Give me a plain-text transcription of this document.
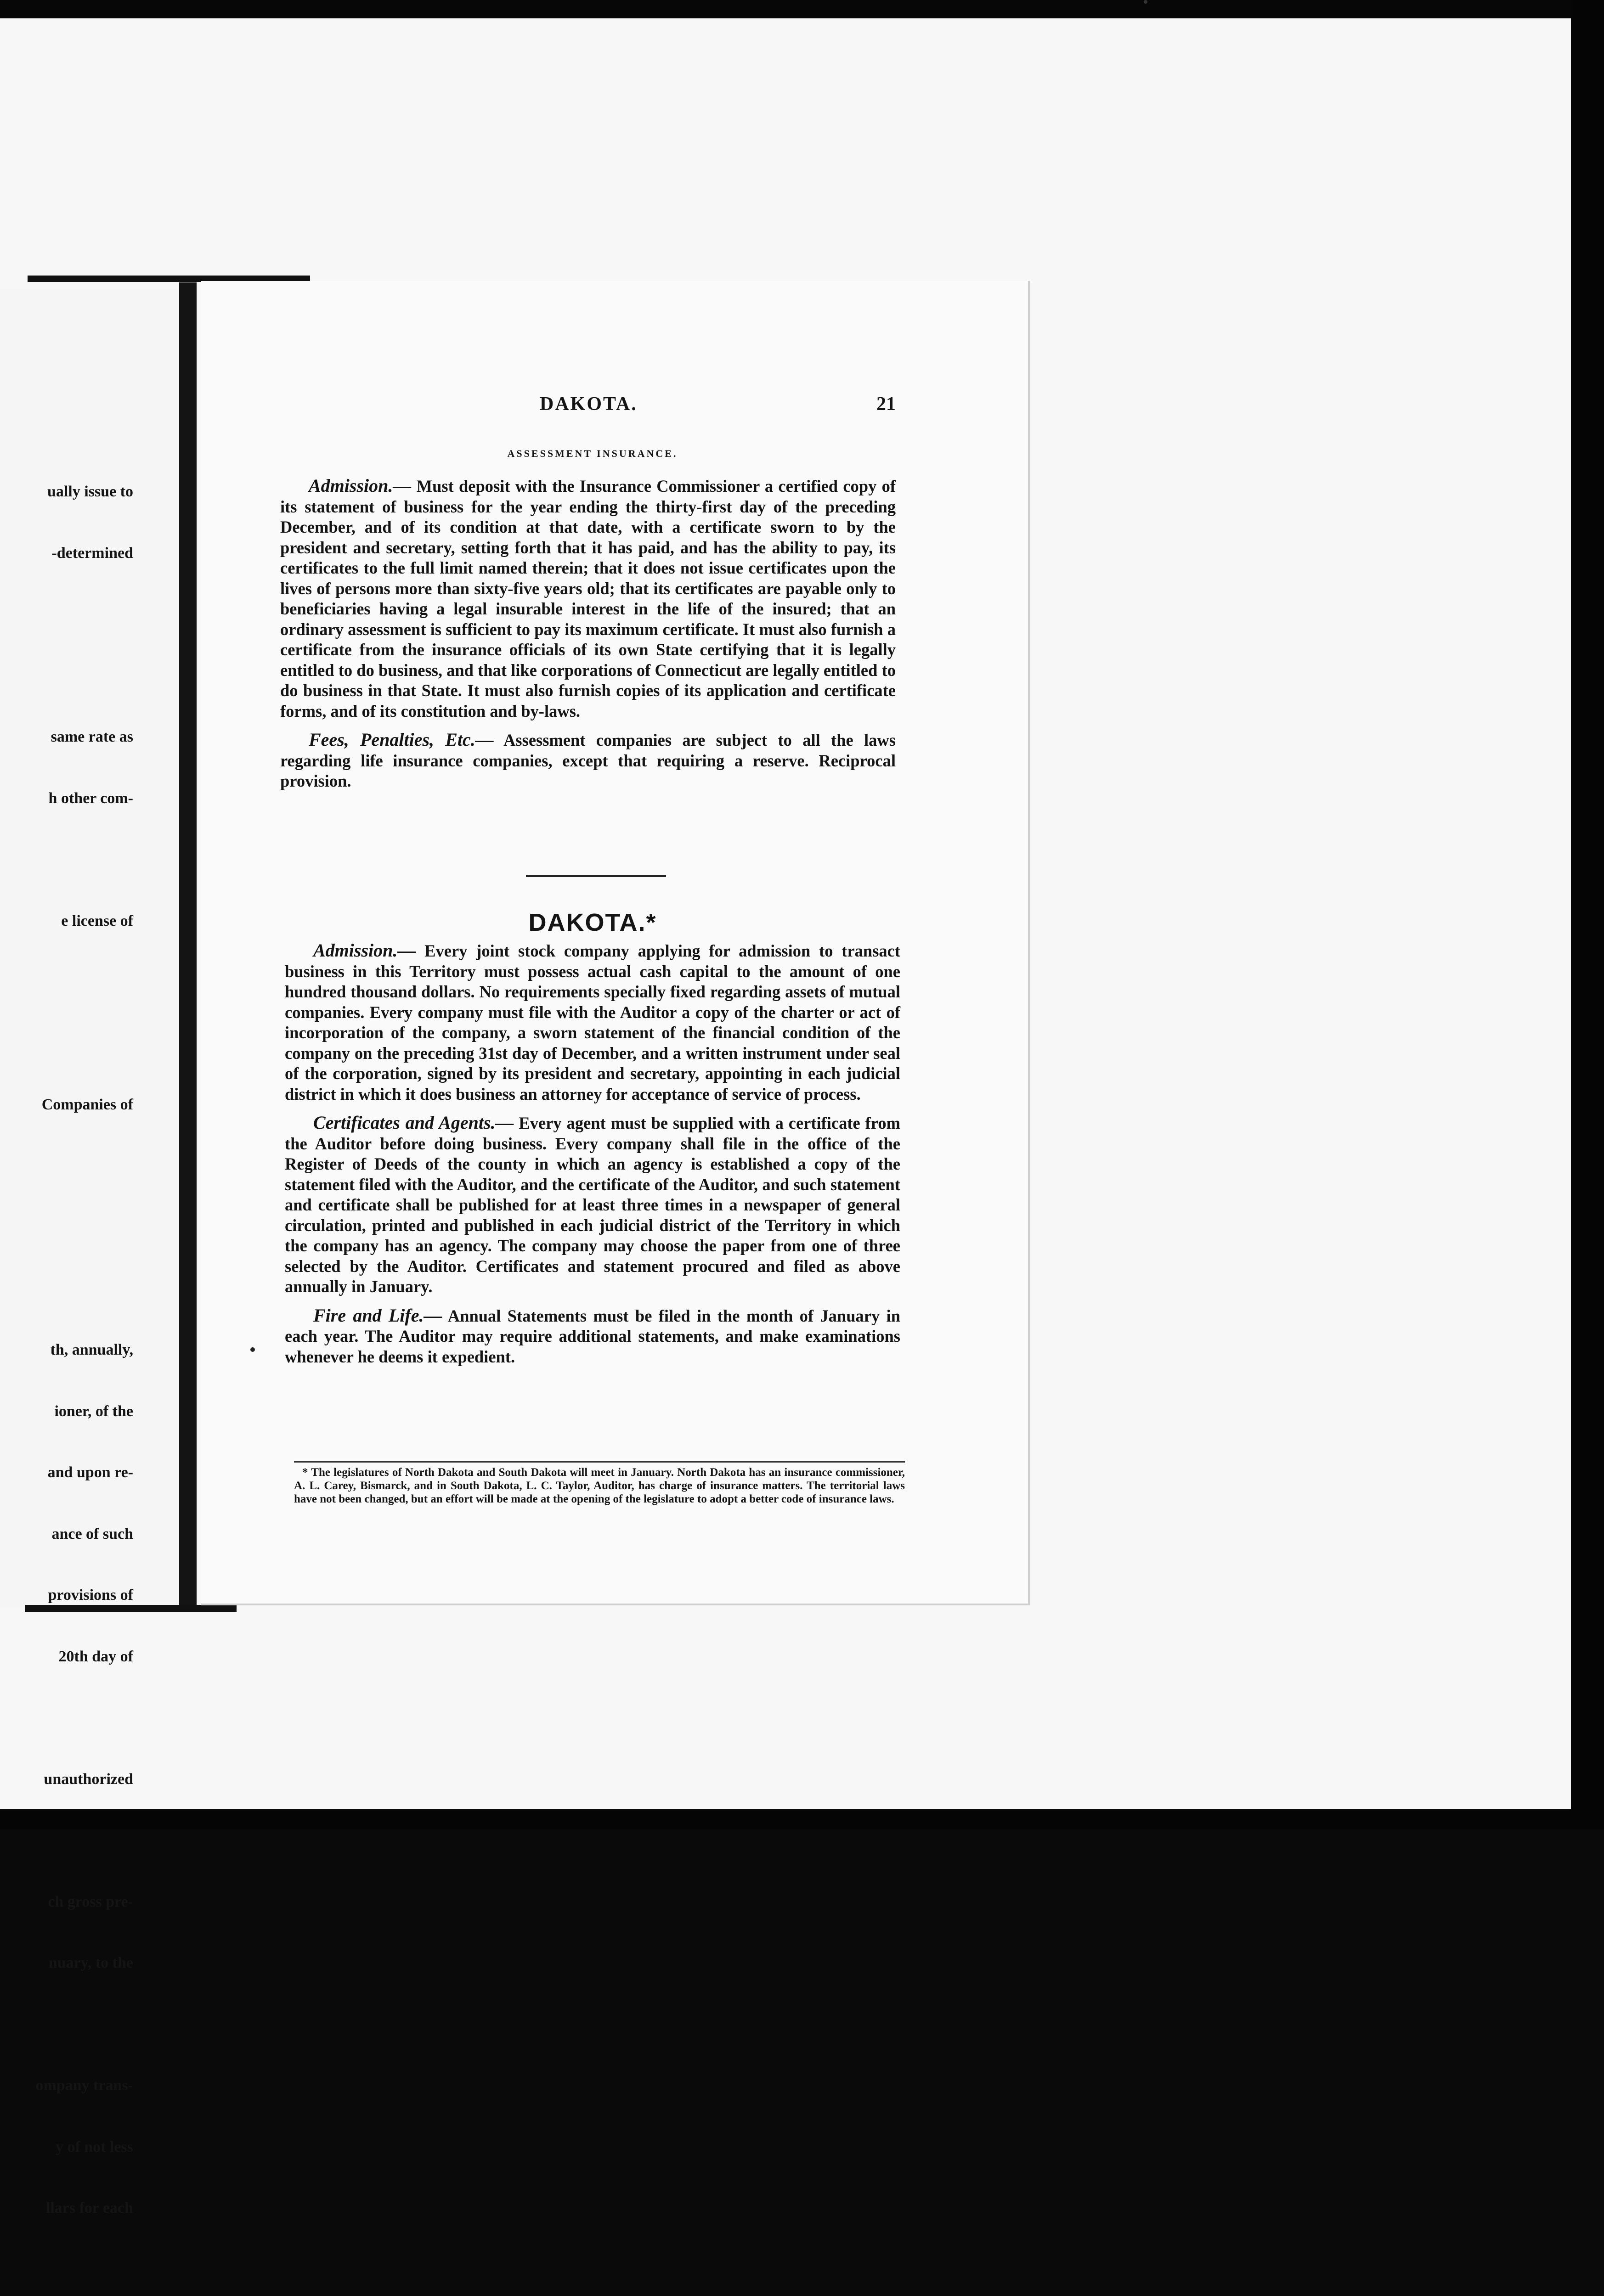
ually issue to

-determined

same rate as

h other com-

e license of

Companies of

th, annually,

ioner, of the

and upon re-

ance of such

provisions of

20th day of

unauthorized

ch gross pre-

nuary, to the

ompany trans-

y of not less

llars for each

DAKOTA.	21
ASSESSMENT INSURANCE.

Admission.— Must deposit with the Insurance Commissioner a certified copy of its statement of business for the year ending the thirty-first day of the preceding December, and of its condition at that date, with a certificate sworn to by the president and secretary, setting forth that it has paid, and has the ability to pay, its certificates to the full limit named therein; that it does not issue certificates upon the lives of persons more than sixty-five years old; that its certificates are payable only to beneficiaries having a legal insurable interest in the life of the insured; that an ordinary assessment is sufficient to pay its maximum certificate. It must also furnish a certificate from the insurance officials of its own State certifying that it is legally entitled to do business, and that like corporations of Connecticut are legally entitled to do business in that State. It must also furnish copies of its application and certificate forms, and of its constitution and by-laws.

Fees, Penalties, Etc.— Assessment companies are subject to all the laws regarding life insurance companies, except that requiring a reserve. Reciprocal provision.

DAKOTA.*

Admission.— Every joint stock company applying for admission to transact business in this Territory must possess actual cash capital to the amount of one hundred thousand dollars. No requirements specially fixed regarding assets of mutual companies. Every company must file with the Auditor a copy of the charter or act of incorporation of the company, a sworn statement of the financial condition of the company on the preceding 31st day of December, and a written instrument under seal of the corporation, signed by its president and secretary, appointing in each judicial district in which it does business an attorney for acceptance of service of process.

Certificates and Agents.— Every agent must be supplied with a certificate from the Auditor before doing business. Every company shall file in the office of the Register of Deeds of the county in which an agency is established a copy of the statement filed with the Auditor, and the certificate of the Auditor, and such statement and certificate shall be published for at least three times in a newspaper of general circulation, printed and published in each judicial district of the Territory in which the company has an agency. The company may choose the paper from one of three selected by the Auditor. Certificates and statement procured and filed as above annually in January.

Fire and Life.— Annual Statements must be filed in the month of January in each year. The Auditor may require additional statements, and make examinations whenever he deems it expedient.

* The legislatures of North Dakota and South Dakota will meet in January. North Dakota has an insurance commissioner, A. L. Carey, Bismarck, and in South Dakota, L. C. Taylor, Auditor, has charge of insurance matters. The territorial laws have not been changed, but an effort will be made at the opening of the legislature to adopt a better code of insurance laws.
